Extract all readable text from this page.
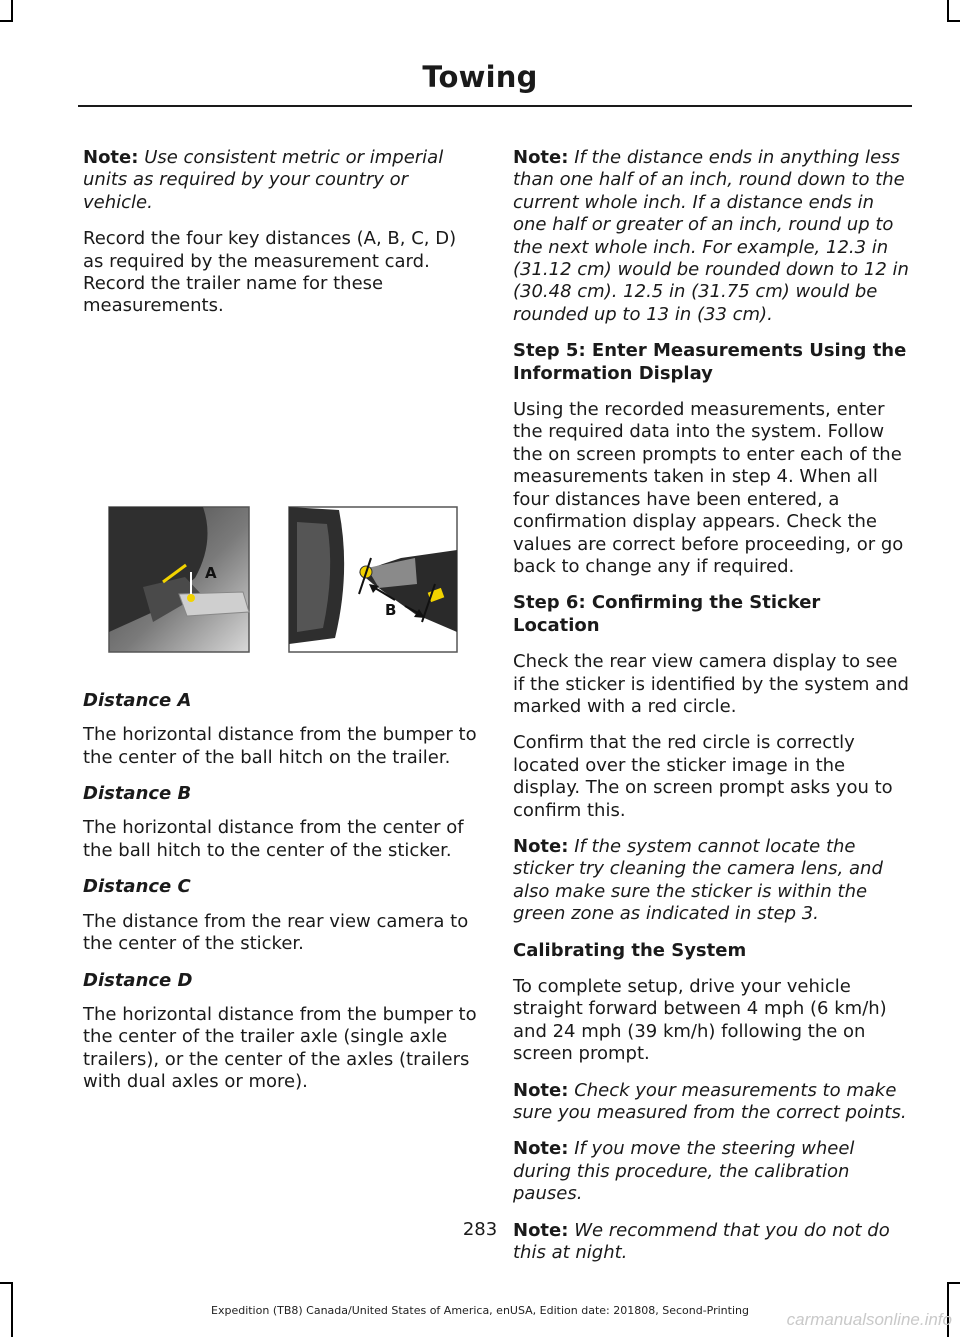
Towing

Note: Use consistent metric or imperial units as required by your country or vehicle.

Record the four key distances (A, B, C, D) as required by the measurement card. Record the trailer name for these measurements.

A
B
Distance A

The horizontal distance from the bumper to the center of the ball hitch on the trailer.

Distance B

The horizontal distance from the center of the ball hitch to the center of the sticker.

Distance C

The distance from the rear view camera to the center of the sticker.

Distance D

The horizontal distance from the bumper to the center of the trailer axle (single axle trailers), or the center of the axles (trailers with dual axles or more).

Note: If the distance ends in anything less than one half of an inch, round down to the current whole inch. If a distance ends in one half or greater of an inch, round up to the next whole inch. For example, 12.3 in (31.12 cm) would be rounded down to 12 in (30.48 cm). 12.5 in (31.75 cm) would be rounded up to 13 in (33 cm).

Step 5: Enter Measurements Using the Information Display

Using the recorded measurements, enter the required data into the system. Follow the on screen prompts to enter each of the measurements taken in step 4. When all four distances have been entered, a confirmation display appears. Check the values are correct before proceeding, or go back to change any if required.

Step 6: Confirming the Sticker Location

Check the rear view camera display to see if the sticker is identified by the system and marked with a red circle.

Confirm that the red circle is correctly located over the sticker image in the display. The on screen prompt asks you to confirm this.

Note: If the system cannot locate the sticker try cleaning the camera lens, and also make sure the sticker is within the green zone as indicated in step 3.

Calibrating the System

To complete setup, drive your vehicle straight forward between 4 mph (6 km/h) and 24 mph (39 km/h) following the on screen prompt.

Note: Check your measurements to make sure you measured from the correct points.

Note: If you move the steering wheel during this procedure, the calibration pauses.

Note: We recommend that you do not do this at night.

283
Expedition (TB8) Canada/United States of America, enUSA, Edition date: 201808, Second-Printing	carmanualsonline.info
